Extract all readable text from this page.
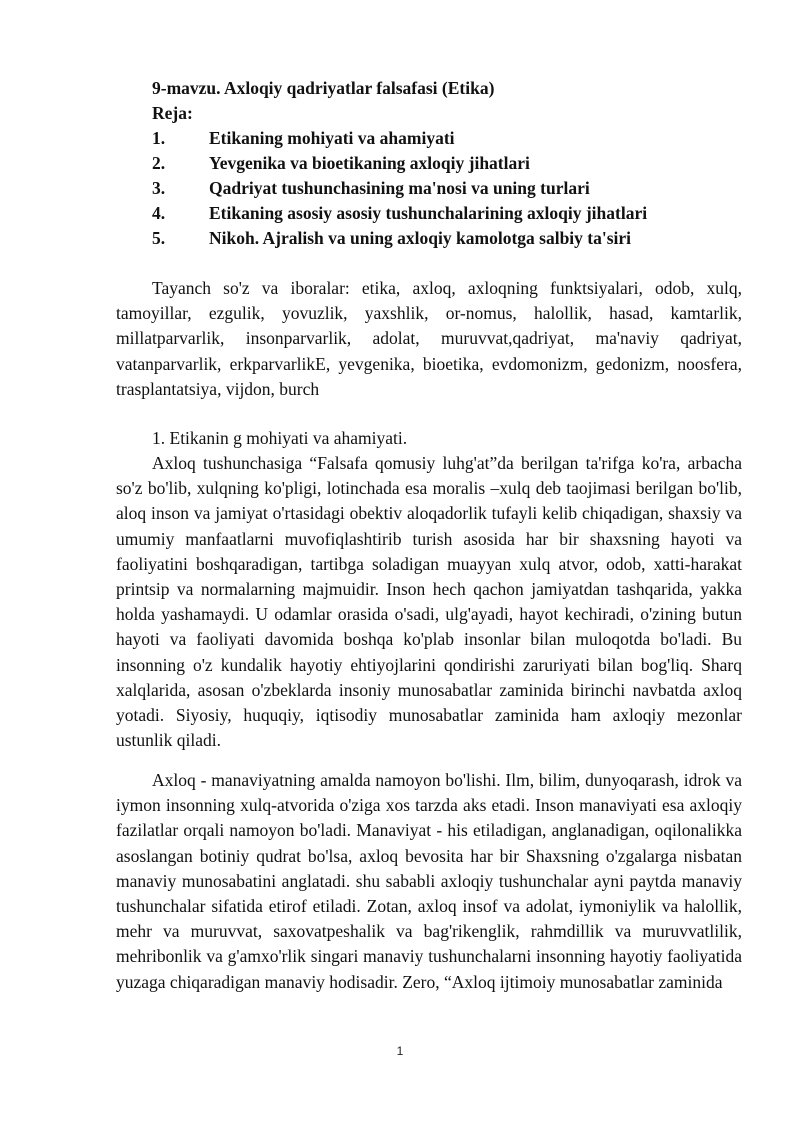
9-mavzu. Axloqiy qadriyatlar falsafasi (Etika)
Reja:
1.	Etikaning mohiyati va ahamiyati
2.	Yevgenika va bioetikaning axloqiy jihatlari
3.	Qadriyat tushunchasining ma'nosi va uning turlari
4.	Etikaning asosiy asosiy tushunchalarining axloqiy jihatlari
5.	Nikoh. Ajralish va uning axloqiy kamolotga salbiy ta'siri

Tayanch so'z va iboralar: etika, axloq, axloqning funktsiyalari, odob, xulq, tamoyillar, ezgulik, yovuzlik, yaxshlik, or-nomus, halollik, hasad, kamtarlik, millatparvarlik, insonparvarlik, adolat, muruvvat,qadriyat, ma'naviy qadriyat, vatanparvarlik, erkparvarlikE, yevgenika, bioetika, evdomonizm, gedonizm, noosfera, trasplantatsiya, vijdon, burch

1. Etikanin g mohiyati va ahamiyati.

Axloq tushunchasiga “Falsafa qomusiy luhg'at”da berilgan ta'rifga ko'ra, arbacha so'z bo'lib, xulqning ko'pligi, lotinchada esa moralis –xulq deb taojimasi berilgan bo'lib, aloq inson va jamiyat o'rtasidagi obektiv aloqadorlik tufayli kelib chiqadigan, shaxsiy va umumiy manfaatlarni muvofiqlashtirib turish asosida har bir shaxsning hayoti va faoliyatini boshqaradigan, tartibga soladigan muayyan xulq atvor, odob, xatti-harakat printsip va normalarning majmuidir. Inson hech qachon jamiyatdan tashqarida, yakka holda yashamaydi. U odamlar orasida o'sadi, ulg'ayadi, hayot kechiradi, o'zining butun hayoti va faoliyati davomida boshqa ko'plab insonlar bilan muloqotda bo'ladi. Bu insonning o'z kundalik hayotiy ehtiyojlarini qondirishi zaruriyati bilan bog'liq. Sharq xalqlarida, asosan o'zbeklarda insoniy munosabatlar zaminida birinchi navbatda axloq yotadi. Siyosiy, huquqiy, iqtisodiy munosabatlar zaminida ham axloqiy mezonlar ustunlik qiladi.

Axloq - manaviyatning amalda namoyon bo'lishi. Ilm, bilim, dunyoqarash, idrok va iymon insonning xulq-atvorida o'ziga xos tarzda aks etadi. Inson manaviyati esa axloqiy fazilatlar orqali namoyon bo'ladi. Manaviyat - his etiladigan, anglanadigan, oqilonalikka asoslangan botiniy qudrat bo'lsa, axloq bevosita har bir Shaxsning o'zgalarga nisbatan manaviy munosabatini anglatadi. shu sababli axloqiy tushunchalar ayni paytda manaviy tushunchalar sifatida etirof etiladi. Zotan, axloq insof va adolat, iymoniylik va halollik, mehr va muruvvat, saxovatpeshalik va bag'rikenglik, rahmdillik va muruvvatlilik, mehribonlik va g'amxo'rlik singari manaviy tushunchalarni insonning hayotiy faoliyatida yuzaga chiqaradigan manaviy hodisadir. Zero, “Axloq ijtimoiy munosabatlar zaminida

1
